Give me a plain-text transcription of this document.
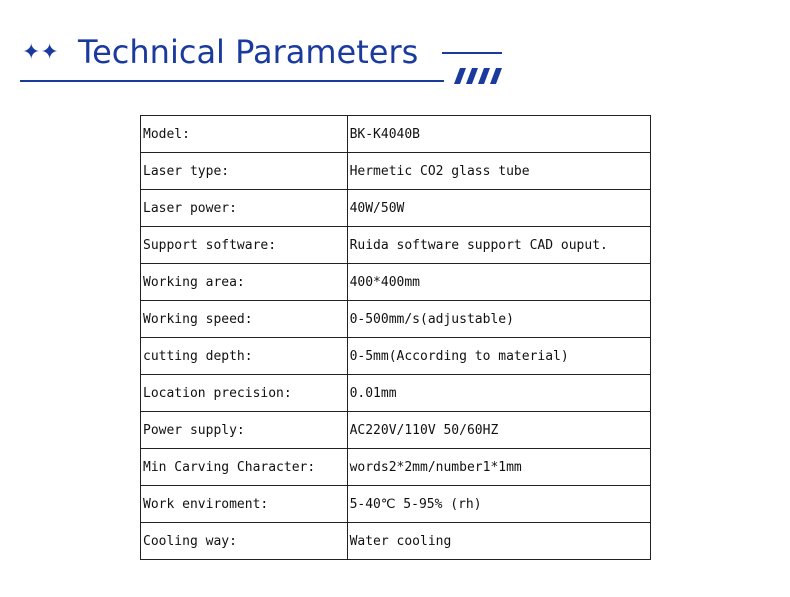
✦✦ Technical Parameters
Model:	BK-K4040B
Laser type:	Hermetic CO2 glass tube
Laser power:	40W/50W
Support software:	Ruida software support CAD ouput.
Working area:	400*400mm
Working speed:	0-500mm/s(adjustable)
cutting depth:	0-5mm(According to material)
Location precision:	0.01mm
Power supply:	AC220V/110V 50/60HZ
Min Carving Character:	words2*2mm/number1*1mm
Work enviroment:	5-40℃ 5-95% (rh)
Cooling way:	Water cooling
